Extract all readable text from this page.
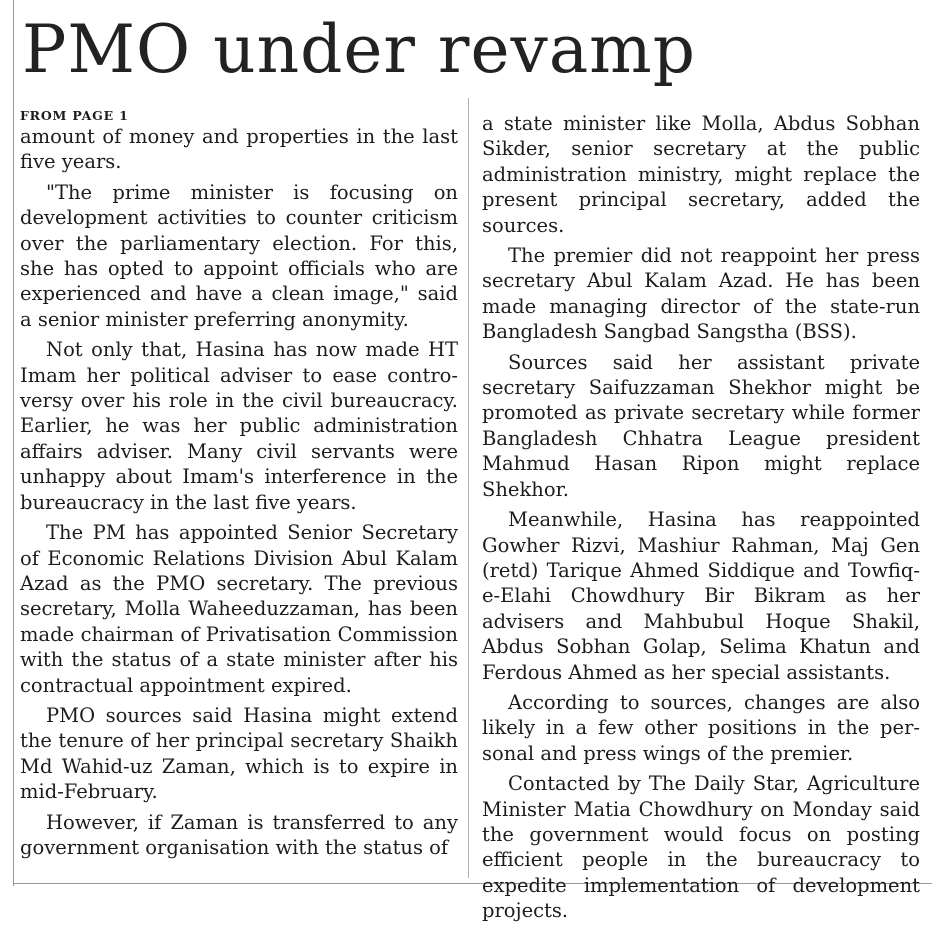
PMO under revamp
FROM PAGE 1

amount of money and properties in the last five years.

"The prime minister is focusing on development activities to counter criticism over the parliamentary election. For this, she has opted to appoint officials who are experienced and have a clean image," said a senior minister preferring anonymity.

Not only that, Hasina has now made HT Imam her political adviser to ease controversy over his role in the civil bureaucracy. Earlier, he was her public administration affairs adviser. Many civil servants were unhappy about Imam's interference in the bureaucracy in the last five years.

The PM has appointed Senior Secretary of Economic Relations Division Abul Kalam Azad as the PMO secretary. The previous secretary, Molla Waheeduzzaman, has been made chairman of Privatisation Commission with the status of a state minister after his contractual appointment expired.

PMO sources said Hasina might extend the tenure of her principal secretary Shaikh Md Wahid-uz Zaman, which is to expire in mid-February.

However, if Zaman is transferred to any government organisation with the status of

a state minister like Molla, Abdus Sobhan Sikder, senior secretary at the public administration ministry, might replace the present principal secretary, added the sources.

The premier did not reappoint her press secretary Abul Kalam Azad. He has been made managing director of the state-run Bangladesh Sangbad Sangstha (BSS).

Sources said her assistant private secretary Saifuzzaman Shekhor might be promoted as private secretary while former Bangladesh Chhatra League president Mahmud Hasan Ripon might replace Shekhor.

Meanwhile, Hasina has reappointed Gowher Rizvi, Mashiur Rahman, Maj Gen (retd) Tarique Ahmed Siddique and Towfiq-e-Elahi Chowdhury Bir Bikram as her advisers and Mahbubul Hoque Shakil, Abdus Sobhan Golap, Selima Khatun and Ferdous Ahmed as her special assistants.

According to sources, changes are also likely in a few other positions in the personal and press wings of the premier.

Contacted by The Daily Star, Agriculture Minister Matia Chowdhury on Monday said the government would focus on posting efficient people in the bureaucracy to expedite implementation of development projects.
